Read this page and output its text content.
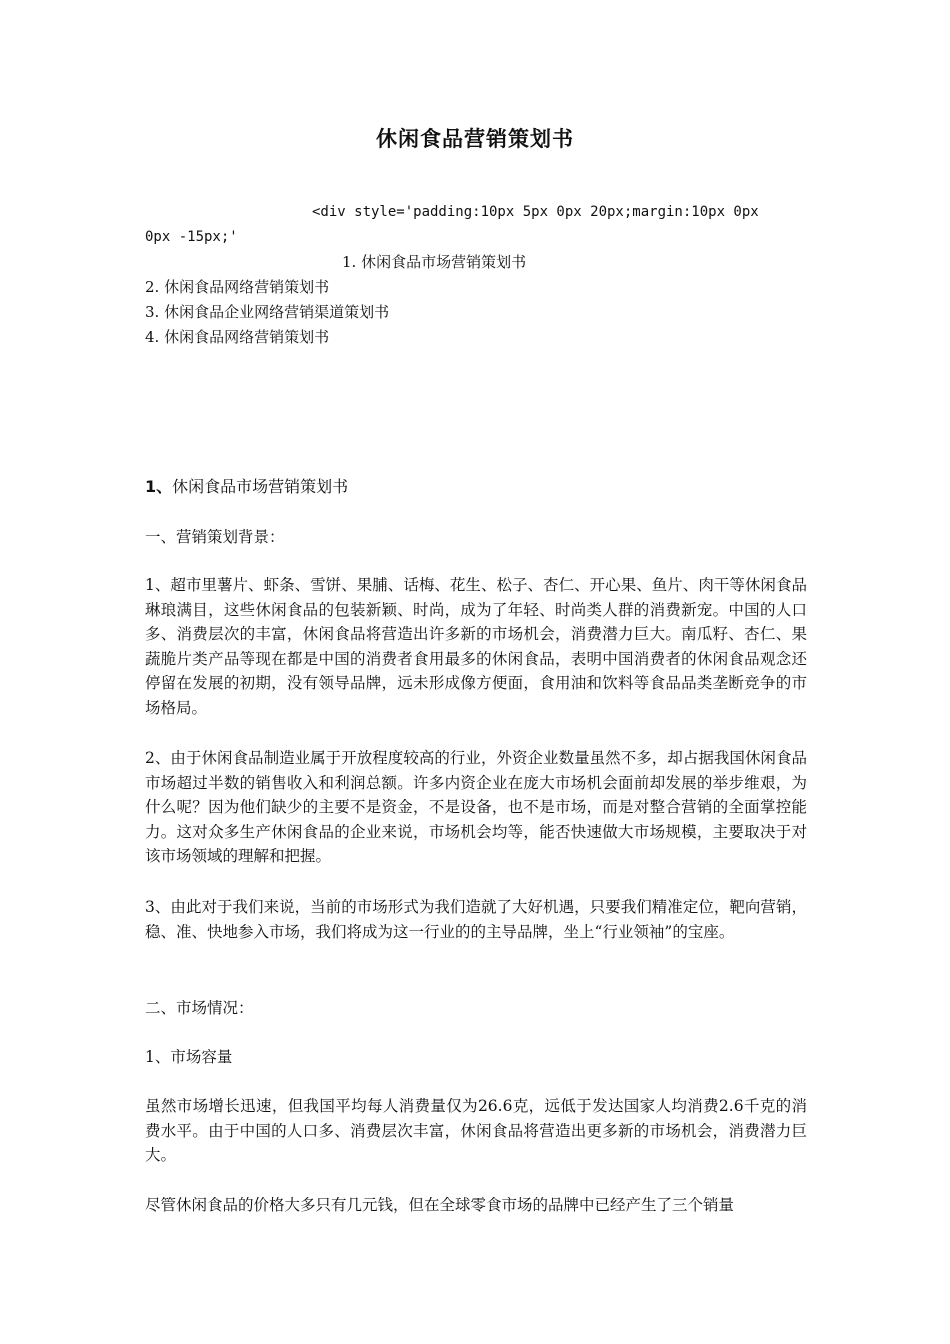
休闲食品营销策划书

<div style='padding:10px 5px 0px 20px;margin:10px 0px

0px -15px;'

1. 休闲食品市场营销策划书
2. 休闲食品网络营销策划书
3. 休闲食品企业网络营销渠道策划书
4. 休闲食品网络营销策划书

1、休闲食品市场营销策划书

一、营销策划背景：

1、超市里薯片、虾条、雪饼、果脯、话梅、花生、松子、杏仁、开心果、鱼片、肉干等休闲食品琳琅满目，这些休闲食品的包装新颖、时尚，成为了年轻、时尚类人群的消费新宠。中国的人口多、消费层次的丰富，休闲食品将营造出许多新的市场机会，消费潜力巨大。南瓜籽、杏仁、果蔬脆片类产品等现在都是中国的消费者食用最多的休闲食品，表明中国消费者的休闲食品观念还停留在发展的初期，没有领导品牌，远未形成像方便面，食用油和饮料等食品品类垄断竞争的市场格局。

2、由于休闲食品制造业属于开放程度较高的行业，外资企业数量虽然不多，却占据我国休闲食品市场超过半数的销售收入和利润总额。许多内资企业在庞大市场机会面前却发展的举步维艰，为什么呢？因为他们缺少的主要不是资金，不是设备，也不是市场，而是对整合营销的全面掌控能力。这对众多生产休闲食品的企业来说，市场机会均等，能否快速做大市场规模，主要取决于对该市场领域的理解和把握。

3、由此对于我们来说，当前的市场形式为我们造就了大好机遇，只要我们精准定位，靶向营销，稳、准、快地参入市场，我们将成为这一行业的的主导品牌，坐上“行业领袖”的宝座。

二、市场情况：

1、市场容量

虽然市场增长迅速，但我国平均每人消费量仅为26.6克，远低于发达国家人均消费2.6千克的消费水平。由于中国的人口多、消费层次丰富，休闲食品将营造出更多新的市场机会，消费潜力巨大。

尽管休闲食品的价格大多只有几元钱，但在全球零食市场的品牌中已经产生了三个销量
